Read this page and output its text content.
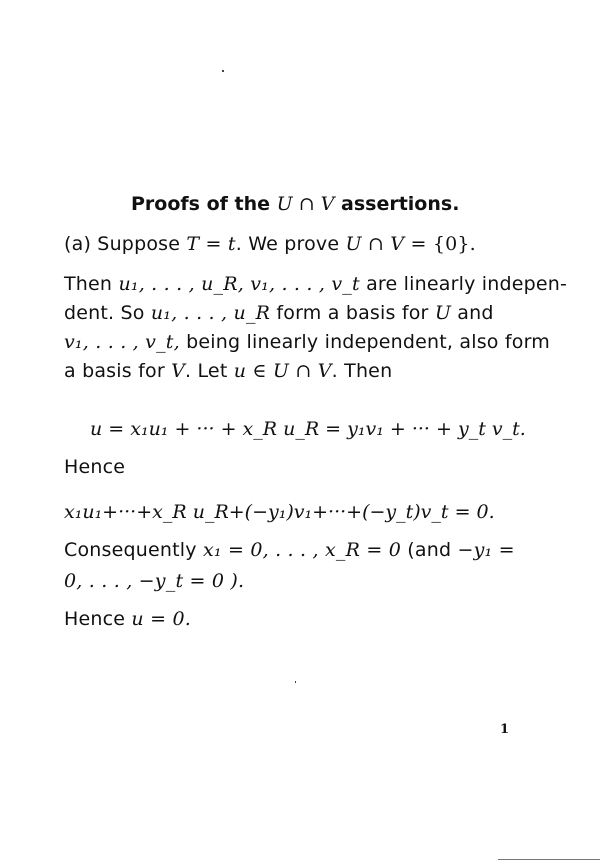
Proofs of the U ∩ V assertions.
(a) Suppose T = t. We prove U ∩ V = {0}.
Then u₁, . . . , u_R, v₁, . . . , v_t are linearly indepen-
dent. So u₁, . . . , u_R form a basis for U and
v₁, . . . , v_t, being linearly independent, also form
a basis for V. Let u ∈ U ∩ V. Then
u = x₁u₁ + ··· + x_R u_R = y₁v₁ + ··· + y_t v_t.
Hence
x₁u₁+···+x_R u_R+(−y₁)v₁+···+(−y_t)v_t = 0.
Consequently x₁ = 0, . . . , x_R = 0 (and −y₁ =
0, . . . , −y_t = 0 ).
Hence u = 0.
1
